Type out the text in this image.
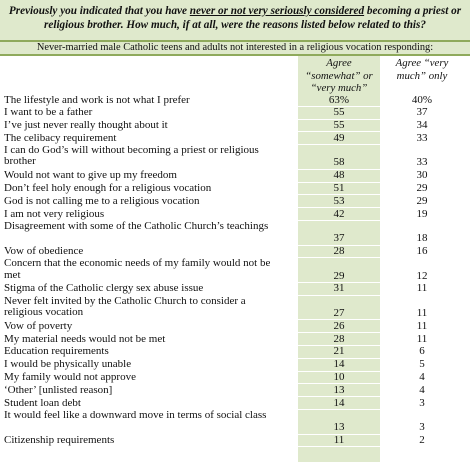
Previously you indicated that you have never or not very seriously considered becoming a priest or
religious brother. How much, if at all, were the reasons listed below related to this?
Never-married male Catholic teens and adults not interested in a religious vocation responding:
Agree
“somewhat” or
“very much”
Agree “very
much” only
The lifestyle and work is not what I prefer	63%	40%
I want to be a father	55	37
I’ve just never really thought about it	55	34
The celibacy requirement	49	33
I can do God’s will without becoming a priest or religious brother	58	33
Would not want to give up my freedom	48	30
Don’t feel holy enough for a religious vocation	51	29
God is not calling me to a religious vocation	53	29
I am not very religious	42	19
Disagreement with some of the Catholic Church’s teachings
37	18
Vow of obedience	28	16
Concern that the economic needs of my family would not be met	29	12
Stigma of the Catholic clergy sex abuse issue	31	11
Never felt invited by the Catholic Church to consider a religious vocation	27	11
Vow of poverty	26	11
My material needs would not be met	28	11
Education requirements	21	6
I would be physically unable	14	5
My family would not approve	10	4
‘Other’ [unlisted reason]	13	4
Student loan debt	14	3
It would feel like a downward move in terms of social class
13	3
Citizenship requirements	11	2
